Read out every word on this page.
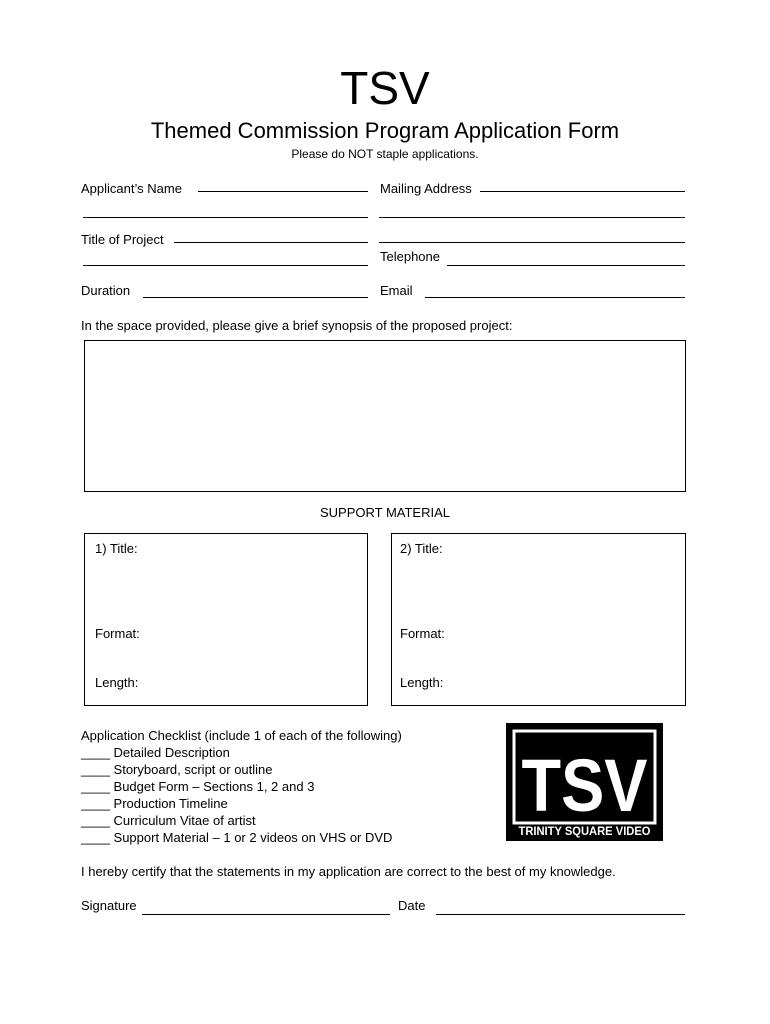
TSV
Themed Commission Program Application Form
Please do NOT staple applications.
Applicant’s Name
Title of Project
Duration
Mailing Address
Telephone
Email
In the space provided, please give a brief synopsis of the proposed project:
SUPPORT MATERIAL
1) Title:
Format:
Length:
2) Title:
Format:
Length:
Application Checklist (include 1 of each of the following)
____ Detailed Description
____ Storyboard, script or outline
____ Budget Form – Sections 1, 2 and 3
____ Production Timeline
____ Curriculum Vitae of artist
____ Support Material – 1 or 2 videos on VHS or DVD
TSV
TRINITY SQUARE VIDEO
I hereby certify that the statements in my application are correct to the best of my knowledge.
Signature	Date
